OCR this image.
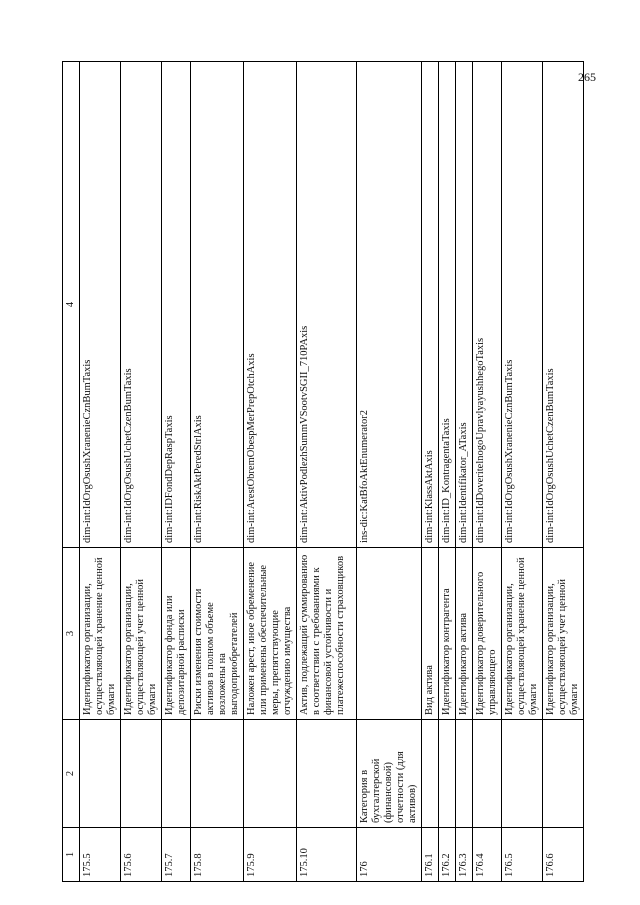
265
1	2	3	4
175.5		Идентификатор организации, осуществляющей хранение ценной бумаги	dim-int:IdOrgOsushXranenieCznBumTaxis
175.6		Идентификатор организации, осуществляющей учет ценной бумаги	dim-int:IdOrgOsushUchetCzenBumTaxis
175.7		Идентификатор фонда или депозитарной расписки	dim-int:IDFondDepRaspTaxis
175.8		Риски изменения стоимости активов в полном объеме возложены на выгодоприобретателей	dim-int:RiskAktPeredStrlAxis
175.9		Наложен арест, иное обременение или применены обеспечительные меры, препятствующие отчуждению имущества	dim-int:ArestObremObespMerPrepOtchAxis
175.10		Актив, подлежащий суммированию в соответствии с требованиями к финансовой устойчивости и платежеспособности страховщиков	dim-int:AktivPodlezhSummVSootvSGII_710PAxis
176	Категория в бухгалтерской (финансовой) отчетности (для активов)		ins-dic:KatBfoAktEnumerator2
176.1		Вид актива	dim-int:KlassAktAxis
176.2		Идентификатор контрагента	dim-int:ID_KontragentaTaxis
176.3		Идентификатор актива	dim-int:Identifikator_ATaxis
176.4		Идентификатор доверительного управляющего	dim-int:IdDoveritelnogoUpravlyayushhegoTaxis
176.5		Идентификатор организации, осуществляющей хранение ценной бумаги	dim-int:IdOrgOsushXranenieCznBumTaxis
176.6		Идентификатор организации, осуществляющей учет ценной бумаги	dim-int:IdOrgOsushUchetCzenBumTaxis
